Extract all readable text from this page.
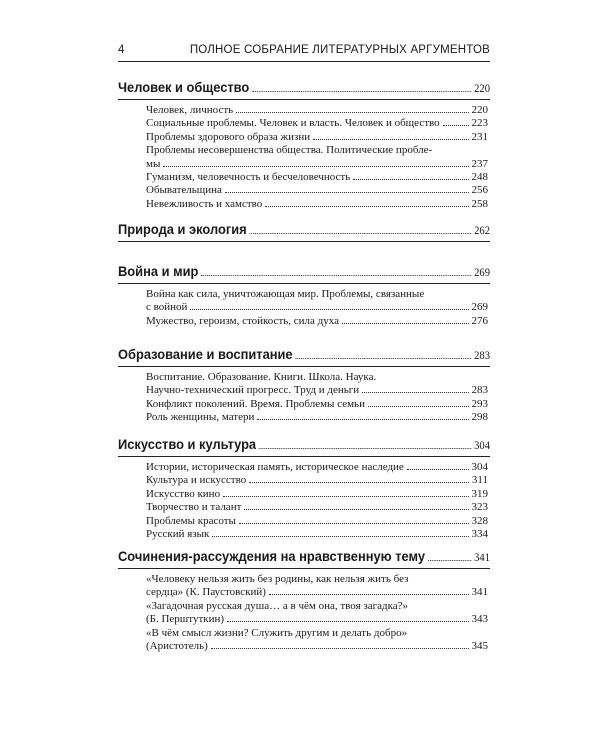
4	ПОЛНОЕ СОБРАНИЕ ЛИТЕРАТУРНЫХ АРГУМЕНТОВ
Человек и общество	220
Человек, личность	220
Социальные проблемы. Человек и власть. Человек и общество	223
Проблемы здорового образа жизни	231
Проблемы несовершенства общества. Политические пробле-
мы	237
Гуманизм, человечность и бесчеловечность	248
Обывательщина	256
Невежливость и хамство	258
Природа и экология	262
Война и мир	269
Война как сила, уничтожающая мир. Проблемы, связанные
с войной	269
Мужество, героизм, стойкость, сила духа	276
Образование и воспитание	283
Воспитание. Образование. Книги. Школа. Наука.
Научно-технический прогресс. Труд и деньги	283
Конфликт поколений. Время. Проблемы семьи	293
Роль женщины, матери	298
Искусство и культура	304
Истории, историческая память, историческое наследие	304
Культура и искусство	311
Искусство кино	319
Творчество и талант	323
Проблемы красоты	328
Русский язык	334
Сочинения-рассуждения на нравственную тему	341
«Человеку нельзя жить без родины, как нельзя жить без
сердца» (К. Паустовский)	341
«Загадочная русская душа… а в чём она, твоя загадка?»
(Б. Перштуткин)	343
«В чём смысл жизни? Служить другим и делать добро»
(Аристотель)	345
